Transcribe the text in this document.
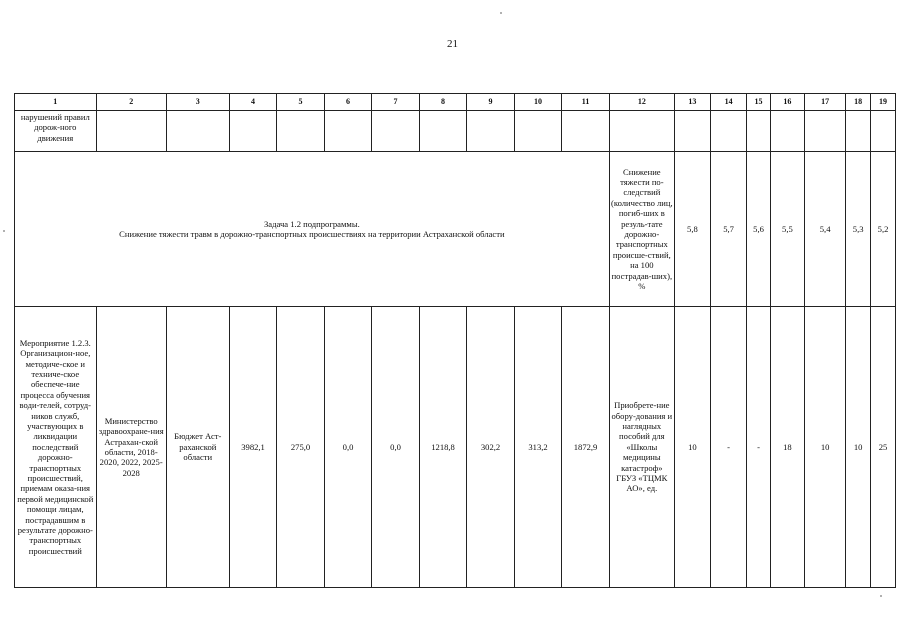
21
1	2	3	4	5	6	7	8	9	10	11	12	13	14	15	16	17	18	19
нарушений правил дорож-ного движения																		

Задача 1.2 подпрограммы.
Снижение тяжести травм в дорожно-транспортных происшествиях на территории Астраханской области											Снижение тяжести по-следствий (количество лиц, погиб-ших в резуль-тате дорожно-транспортных происше-ствий, на 100 пострадав-ших), %	5,8	5,7	5,6	5,5	5,4	5,3	5,2
Мероприятие 1.2.3. Организацион-ное, методиче-ское и техниче-ское обеспече-ние процесса обучения води-телей, сотруд-ников служб, участвующих в ликвидации последствий дорожно-транспортных происшествий, приемам оказа-ния первой медицинской помощи лицам, пострадавшим в результате дорожно-транспортных происшествий	Министерство здравоохране-ния Астрахан-ской области, 2018-2020, 2022, 2025-2028	Бюджет Аст-раханской области	3982,1	275,0	0,0	0,0	1218,8	302,2	313,2	1872,9	Приобрете-ние обору-дования и наглядных пособий для «Школы медицины катастроф» ГБУЗ «ТЦМК АО», ед.	10	-	-	18	10	10	25
